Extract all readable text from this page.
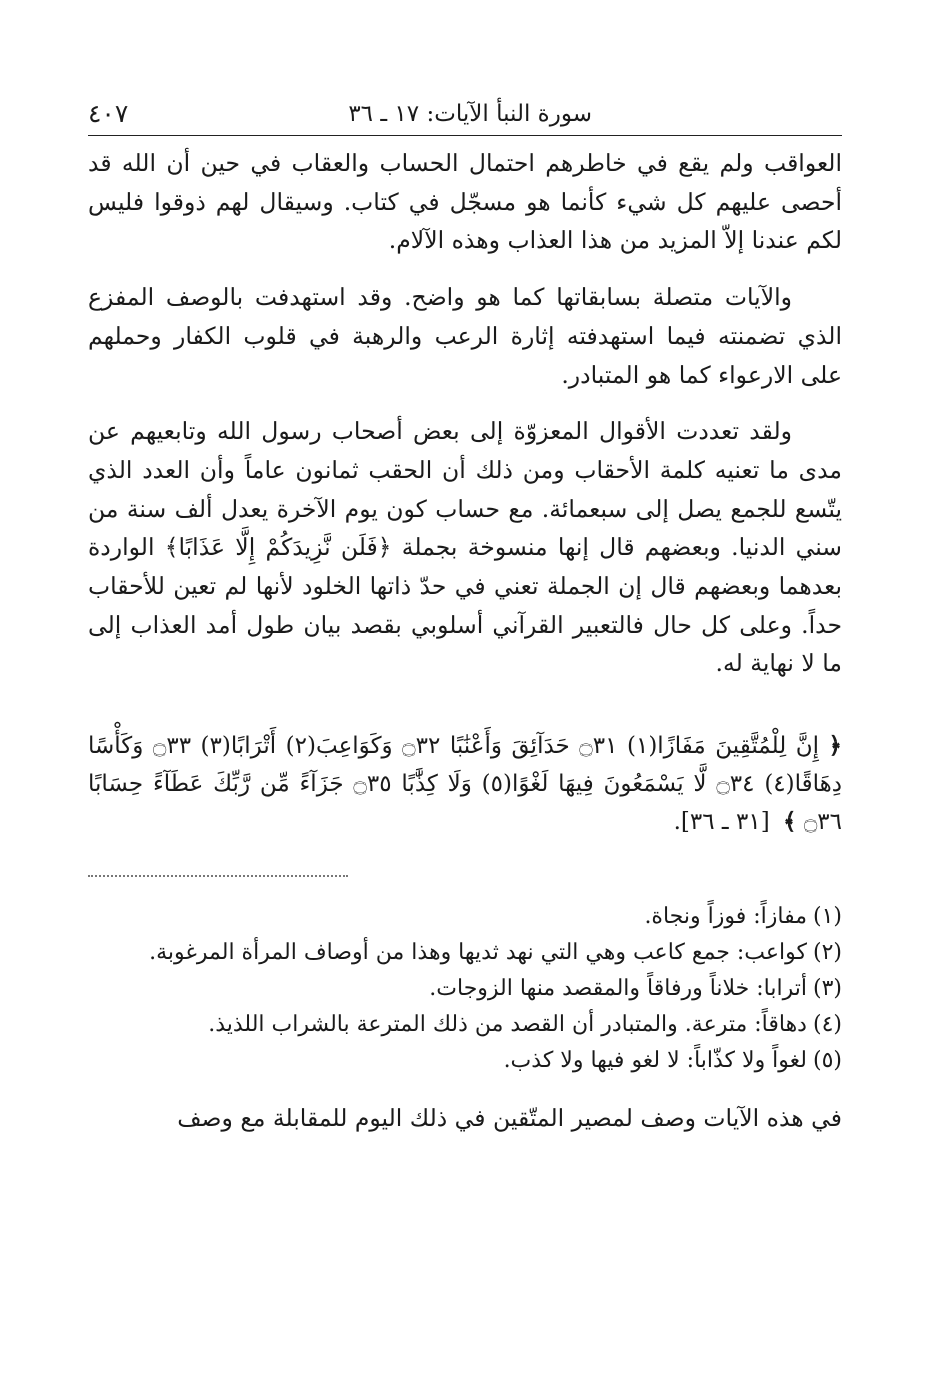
سورة النبأ الآيات: ١٧ ـ ٣٦
٤٠٧

العواقب ولم يقع في خاطرهم احتمال الحساب والعقاب في حين أن الله قد أحصى عليهم كل شيء كأنما هو مسجّل في كتاب. وسيقال لهم ذوقوا فليس لكم عندنا إلاّ المزيد من هذا العذاب وهذه الآلام.

والآيات متصلة بسابقاتها كما هو واضح. وقد استهدفت بالوصف المفزع الذي تضمنته فيما استهدفته إثارة الرعب والرهبة في قلوب الكفار وحملهم على الارعواء كما هو المتبادر.

ولقد تعددت الأقوال المعزوّة إلى بعض أصحاب رسول الله وتابعيهم عن مدى ما تعنيه كلمة الأحقاب ومن ذلك أن الحقب ثمانون عاماً وأن العدد الذي يتّسع للجمع يصل إلى سبعمائة. مع حساب كون يوم الآخرة يعدل ألف سنة من سني الدنيا. وبعضهم قال إنها منسوخة بجملة ﴿فَلَن نَّزِيدَكُمْ إِلَّا عَذَابًا﴾ الواردة بعدهما وبعضهم قال إن الجملة تعني في حدّ ذاتها الخلود لأنها لم تعين للأحقاب حداً. وعلى كل حال فالتعبير القرآني أسلوبي بقصد بيان طول أمد العذاب إلى ما لا نهاية له.

﴿ إِنَّ لِلْمُتَّقِينَ مَفَازًا(١) ۝٣١ حَدَآئِقَ وَأَعْنَٰبًا ۝٣٢ وَكَوَاعِبَ(٢) أَتْرَابًا(٣) ۝٣٣ وَكَأْسًا دِهَاقًا(٤) ۝٣٤ لَّا يَسْمَعُونَ فِيهَا لَغْوًا(٥) وَلَا كِذَّٰبًا ۝٣٥ جَزَآءً مِّن رَّبِّكَ عَطَآءً حِسَابًا ۝٣٦ ﴾ [٣١ ـ ٣٦].

(١)مفازاً: فوزاً ونجاة.

(٢)كواعب: جمع كاعب وهي التي نهد ثديها وهذا من أوصاف المرأة المرغوبة.

(٣)أترابا: خلاناً ورفاقاً والمقصد منها الزوجات.

(٤)دهاقاً: مترعة. والمتبادر أن القصد من ذلك المترعة بالشراب اللذيذ.

(٥)لغواً ولا كذّاباً: لا لغو فيها ولا كذب.

في هذه الآيات وصف لمصير المتّقين في ذلك اليوم للمقابلة مع وصف
